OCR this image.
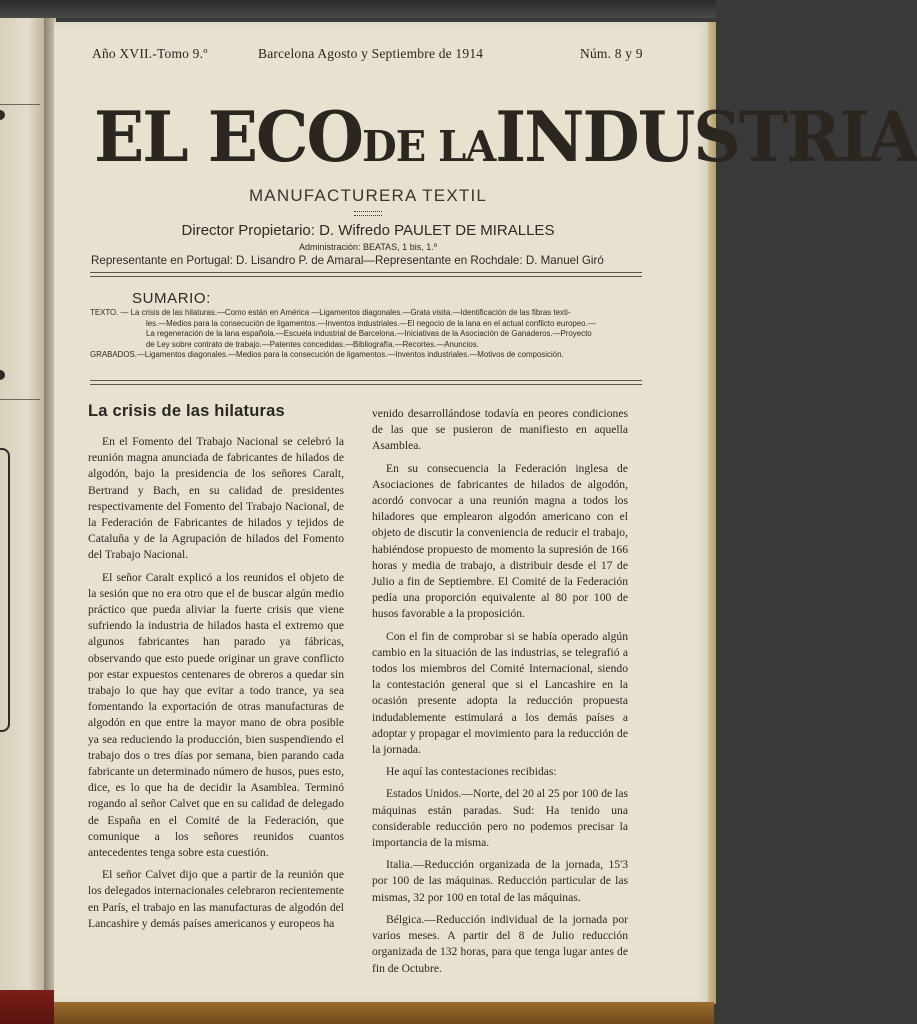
Año XVII.-Tomo 9.º	Barcelona Agosto y Septiembre de 1914	Núm. 8 y 9
EL ECODE LAINDUSTRIA
MANUFACTURERA TEXTIL
Director Propietario: D. Wifredo PAULET DE MIRALLES
Administración: BEATAS, 1 bis, 1.º
Representante en Portugal: D. Lisandro P. de Amaral—Representante en Rochdale: D. Manuel Giró
SUMARIO:
TEXTO. — La crisis de las hilaturas.—Como están en América —Ligamentos diagonales.—Grata visita.—Identificación de las fibras texti-
les.—Medios para la consecución de ligamentos.—Inventos industriales.—El negocio de la lana en el actual conflicto europeo.—
La regeneración de la lana española.—Escuela industrial de Barcelona.—Iniciativas de la Asociación de Ganaderos.—Proyecto
de Ley sobre contrato de trabajo.—Patentes concedidas.—Bibliografía.—Recortes.—Anuncios.
GRABADOS.—Ligamentos diagonales.—Medios para la consecución de ligamentos.—Inventos industriales.—Motivos de composición.
La crisis de las hilaturas

En el Fomento del Trabajo Nacional se celebró la reunión magna anunciada de fabricantes de hilados de algodón, bajo la presidencia de los señores Caralt, Bertrand y Bach, en su calidad de presidentes respectivamente del Fomento del Trabajo Nacional, de la Federación de Fabricantes de hilados y tejidos de Cataluña y de la Agrupación de hilados del Fomento del Trabajo Nacional.

El señor Caralt explicó a los reunidos el objeto de la sesión que no era otro que el de buscar algún medio práctico que pueda aliviar la fuerte crisis que viene sufriendo la industria de hilados hasta el extremo que algunos fabricantes han parado ya fábricas, observando que esto puede originar un grave conflicto por estar expuestos centenares de obreros a quedar sin trabajo lo que hay que evitar a todo trance, ya sea fomentando la exportación de otras manufacturas de algodón en que entre la mayor mano de obra posible ya sea reduciendo la producción, bien suspendiendo el trabajo dos o tres días por semana, bien parando cada fabricante un determinado número de husos, pues esto, dice, es lo que ha de decidir la Asamblea. Terminó rogando al señor Calvet que en su calidad de delegado de España en el Comité de la Federación, que comunique a los señores reunidos cuantos antecedentes tenga sobre esta cuestión.

El señor Calvet dijo que a partir de la reunión que los delegados internacionales celebraron recientemente en París, el trabajo en las manufacturas de algodón del Lancashire y demás países americanos y europeos ha

venido desarrollándose todavía en peores condiciones de las que se pusieron de manifiesto en aquella Asamblea.

En su consecuencia la Federación inglesa de Asociaciones de fabricantes de hilados de algodón, acordó convocar a una reunión magna a todos los hiladores que emplearon algodón americano con el objeto de discutir la conveniencia de reducir el trabajo, habiéndose propuesto de momento la supresión de 166 horas y media de trabajo, a distribuir desde el 17 de Julio a fin de Septiembre. El Comité de la Federación pedía una proporción equivalente al 80 por 100 de husos favorable a la proposición.

Con el fin de comprobar si se había operado algún cambio en la situación de las industrias, se telegrafió a todos los miembros del Comité Internacional, siendo la contestación general que si el Lancashire en la ocasión presente adopta la reducción propuesta indudablemente estimulará a los demás países a adoptar y propagar el movimiento para la reducción de la jornada.

He aquí las contestaciones recibidas:

Estados Unidos.—Norte, del 20 al 25 por 100 de las máquinas están paradas. Sud: Ha tenido una considerable reducción pero no podemos precisar la importancia de la misma.

Italia.—Reducción organizada de la jornada, 15'3 por 100 de las máquinas. Reducción particular de las mismas, 32 por 100 en total de las máquinas.

Bélgica.—Reducción individual de la jornada por varios meses. A partir del 8 de Julio reducción organizada de 132 horas, para que tenga lugar antes de fin de Octubre.
